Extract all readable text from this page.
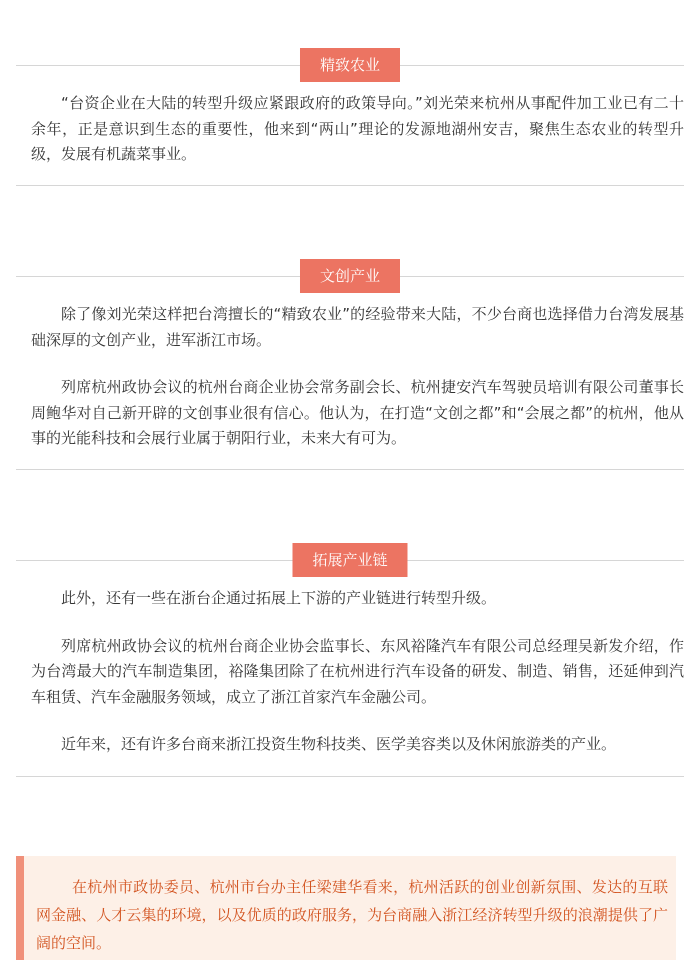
精致农业

“台资企业在大陆的转型升级应紧跟政府的政策导向。”刘光荣来杭州从事配件加工业已有二十余年，正是意识到生态的重要性，他来到“两山”理论的发源地湖州安吉，聚焦生态农业的转型升级，发展有机蔬菜事业。

文创产业

除了像刘光荣这样把台湾擅长的“精致农业”的经验带来大陆，不少台商也选择借力台湾发展基础深厚的文创产业，进军浙江市场。

列席杭州政协会议的杭州台商企业协会常务副会长、杭州捷安汽车驾驶员培训有限公司董事长周鲍华对自己新开辟的文创事业很有信心。他认为，在打造“文创之都”和“会展之都”的杭州，他从事的光能科技和会展行业属于朝阳行业，未来大有可为。

拓展产业链

此外，还有一些在浙台企通过拓展上下游的产业链进行转型升级。

列席杭州政协会议的杭州台商企业协会监事长、东风裕隆汽车有限公司总经理吴新发介绍，作为台湾最大的汽车制造集团，裕隆集团除了在杭州进行汽车设备的研发、制造、销售，还延伸到汽车租赁、汽车金融服务领域，成立了浙江首家汽车金融公司。

近年来，还有许多台商来浙江投资生物科技类、医学美容类以及休闲旅游类的产业。

在杭州市政协委员、杭州市台办主任梁建华看来，杭州活跃的创业创新氛围、发达的互联网金融、人才云集的环境，以及优质的政府服务，为台商融入浙江经济转型升级的浪潮提供了广阔的空间。
